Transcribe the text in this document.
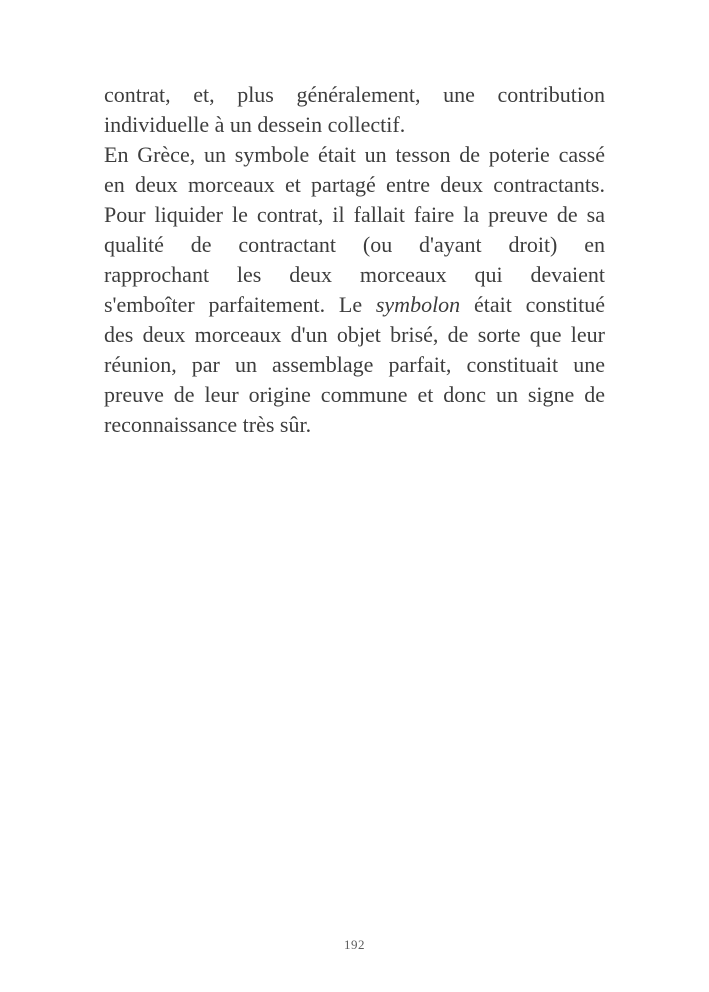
contrat, et, plus généralement, une contribution
individuelle à un dessein collectif.
En Grèce, un symbole était un tesson de poterie cassé
en deux morceaux et partagé entre deux contractants.
Pour liquider le contrat, il fallait faire la preuve de sa
qualité de contractant (ou d'ayant droit) en
rapprochant les deux morceaux qui devaient
s'emboîter parfaitement. Le symbolon était constitué
des deux morceaux d'un objet brisé, de sorte que leur
réunion, par un assemblage parfait, constituait une
preuve de leur origine commune et donc un signe de
reconnaissance très sûr.
192
